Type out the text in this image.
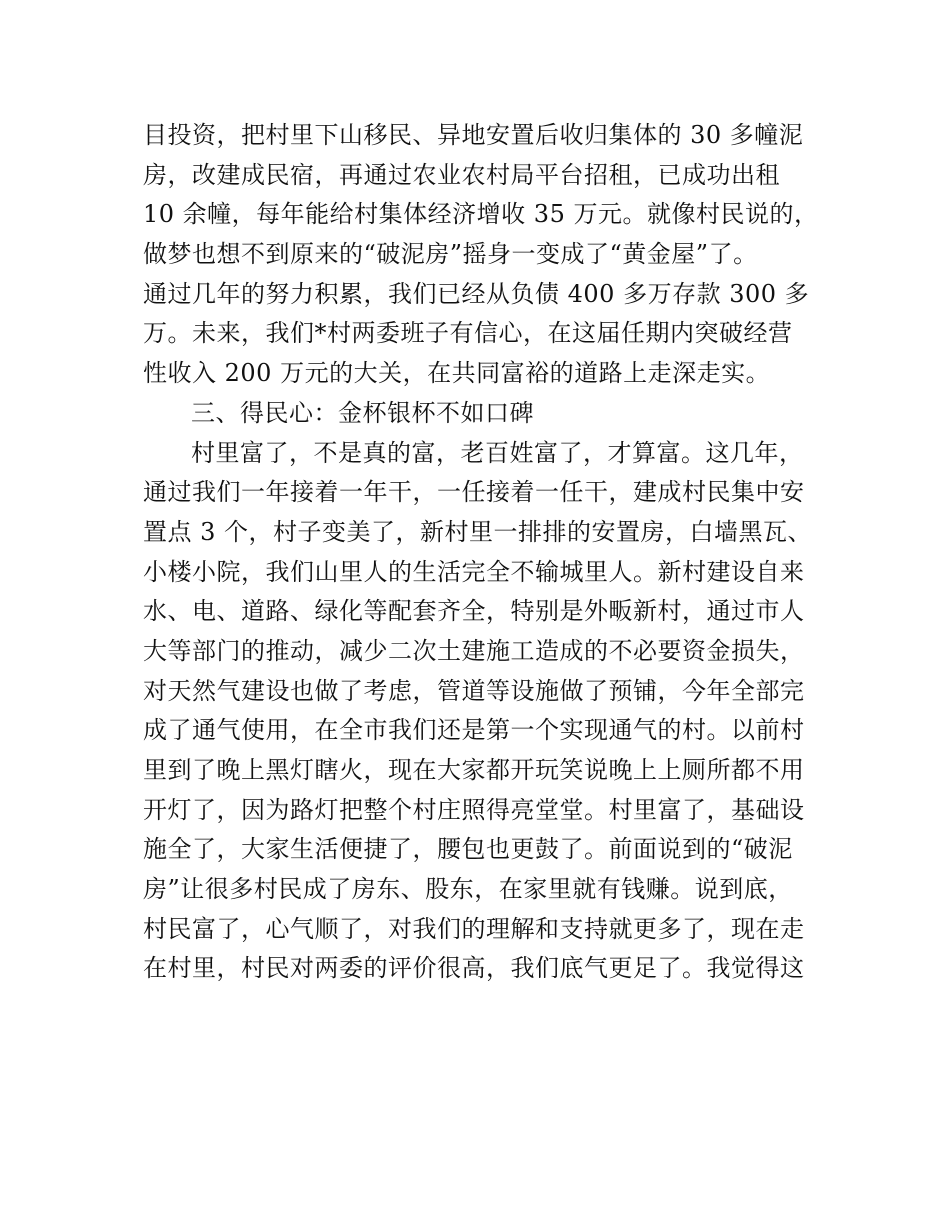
目投资，把村里下山移民、异地安置后收归集体的 30 多幢泥

房，改建成民宿，再通过农业农村局平台招租，已成功出租

10 余幢，每年能给村集体经济增收 35 万元。就像村民说的，

做梦也想不到原来的“破泥房”摇身一变成了“黄金屋”了。

通过几年的努力积累，我们已经从负债 400 多万存款 300 多

万。未来，我们*村两委班子有信心，在这届任期内突破经营

性收入 200 万元的大关，在共同富裕的道路上走深走实。

三、得民心：金杯银杯不如口碑

村里富了，不是真的富，老百姓富了，才算富。这几年，

通过我们一年接着一年干，一任接着一任干，建成村民集中安

置点 3 个，村子变美了，新村里一排排的安置房，白墙黑瓦、

小楼小院，我们山里人的生活完全不输城里人。新村建设自来

水、电、道路、绿化等配套齐全，特别是外畈新村，通过市人

大等部门的推动，减少二次土建施工造成的不必要资金损失，

对天然气建设也做了考虑，管道等设施做了预铺，今年全部完

成了通气使用，在全市我们还是第一个实现通气的村。以前村

里到了晚上黑灯瞎火，现在大家都开玩笑说晚上上厕所都不用

开灯了，因为路灯把整个村庄照得亮堂堂。村里富了，基础设

施全了，大家生活便捷了，腰包也更鼓了。前面说到的“破泥

房”让很多村民成了房东、股东，在家里就有钱赚。说到底，

村民富了，心气顺了，对我们的理解和支持就更多了，现在走

在村里，村民对两委的评价很高，我们底气更足了。我觉得这
